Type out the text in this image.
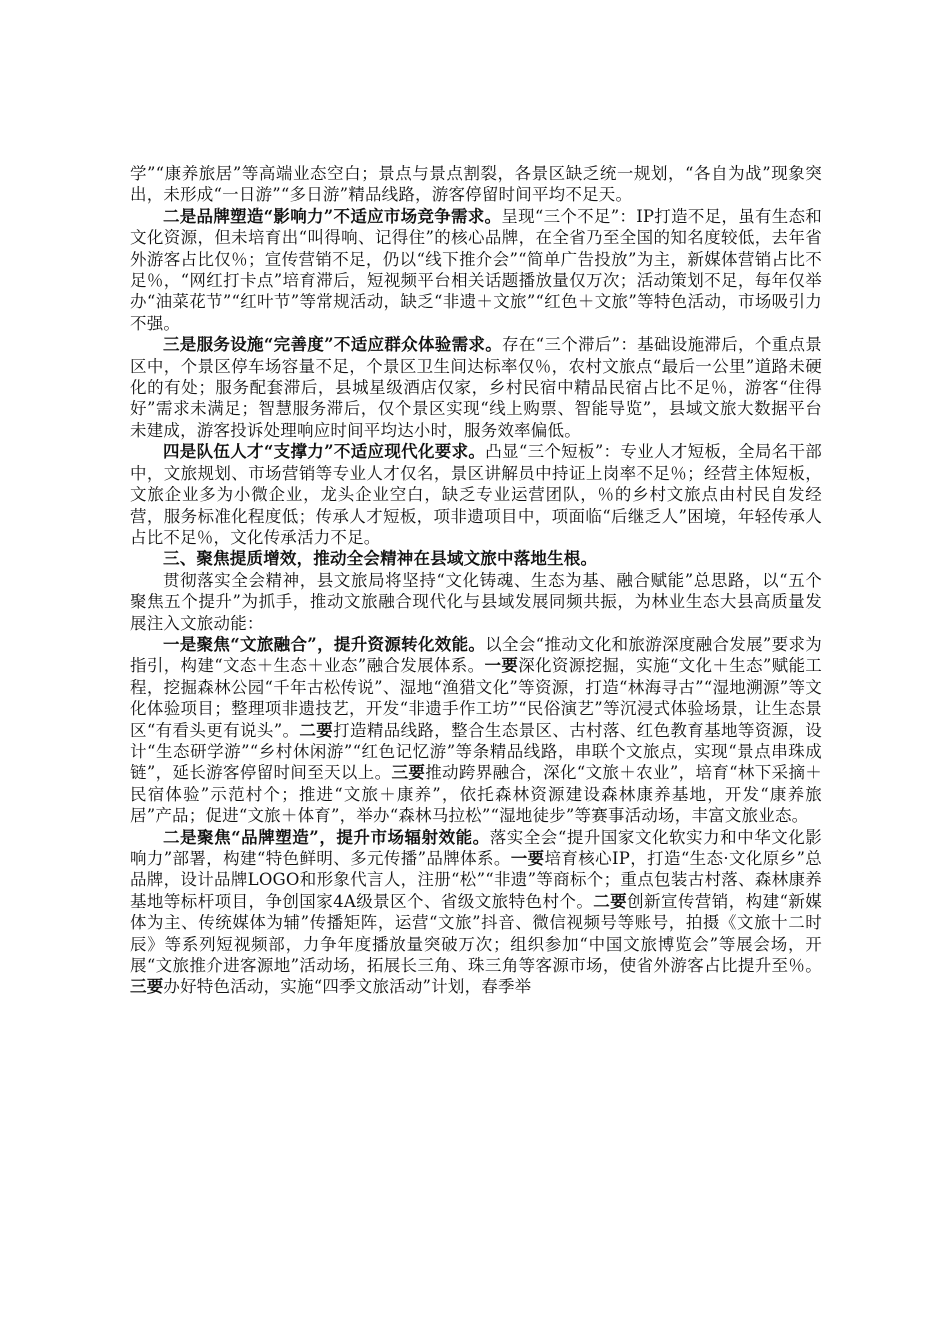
学”“康养旅居”等高端业态空白；景点与景点割裂，各景区缺乏统一规划，“各自为战”现象突出，未形成“一日游”“多日游”精品线路，游客停留时间平均不足天。

二是品牌塑造“影响力”不适应市场竞争需求。呈现“三个不足”：IP打造不足，虽有生态和文化资源，但未培育出“叫得响、记得住”的核心品牌，在全省乃至全国的知名度较低，去年省外游客占比仅％；宣传营销不足，仍以“线下推介会”“简单广告投放”为主，新媒体营销占比不足％，“网红打卡点”培育滞后，短视频平台相关话题播放量仅万次；活动策划不足，每年仅举办“油菜花节”“红叶节”等常规活动，缺乏“非遗＋文旅”“红色＋文旅”等特色活动，市场吸引力不强。

三是服务设施“完善度”不适应群众体验需求。存在“三个滞后”：基础设施滞后，个重点景区中，个景区停车场容量不足，个景区卫生间达标率仅％，农村文旅点“最后一公里”道路未硬化的有处；服务配套滞后，县城星级酒店仅家，乡村民宿中精品民宿占比不足％，游客“住得好”需求未满足；智慧服务滞后，仅个景区实现“线上购票、智能导览”，县域文旅大数据平台未建成，游客投诉处理响应时间平均达小时，服务效率偏低。

四是队伍人才“支撑力”不适应现代化要求。凸显“三个短板”：专业人才短板，全局名干部中，文旅规划、市场营销等专业人才仅名，景区讲解员中持证上岗率不足％；经营主体短板，文旅企业多为小微企业，龙头企业空白，缺乏专业运营团队，％的乡村文旅点由村民自发经营，服务标准化程度低；传承人才短板，项非遗项目中，项面临“后继乏人”困境，年轻传承人占比不足％，文化传承活力不足。

三、聚焦提质增效，推动全会精神在县域文旅中落地生根。

贯彻落实全会精神，县文旅局将坚持“文化铸魂、生态为基、融合赋能”总思路，以“五个聚焦五个提升”为抓手，推动文旅融合现代化与县域发展同频共振，为林业生态大县高质量发展注入文旅动能：

一是聚焦“文旅融合”，提升资源转化效能。以全会“推动文化和旅游深度融合发展”要求为指引，构建“文态＋生态＋业态”融合发展体系。一要深化资源挖掘，实施“文化＋生态”赋能工程，挖掘森林公园“千年古松传说”、湿地“渔猎文化”等资源，打造“林海寻古”“湿地溯源”等文化体验项目；整理项非遗技艺，开发“非遗手作工坊”“民俗演艺”等沉浸式体验场景，让生态景区“有看头更有说头”。二要打造精品线路，整合生态景区、古村落、红色教育基地等资源，设计“生态研学游”“乡村休闲游”“红色记忆游”等条精品线路，串联个文旅点，实现“景点串珠成链”，延长游客停留时间至天以上。三要推动跨界融合，深化“文旅＋农业”，培育“林下采摘＋民宿体验”示范村个；推进“文旅＋康养”，依托森林资源建设森林康养基地，开发“康养旅居”产品；促进“文旅＋体育”，举办“森林马拉松”“湿地徒步”等赛事活动场，丰富文旅业态。

二是聚焦“品牌塑造”，提升市场辐射效能。落实全会“提升国家文化软实力和中华文化影响力”部署，构建“特色鲜明、多元传播”品牌体系。一要培育核心IP，打造“生态·文化原乡”总品牌，设计品牌LOGO和形象代言人，注册“松”“非遗”等商标个；重点包装古村落、森林康养基地等标杆项目，争创国家4A级景区个、省级文旅特色村个。二要创新宣传营销，构建“新媒体为主、传统媒体为辅”传播矩阵，运营“文旅”抖音、微信视频号等账号，拍摄《文旅十二时辰》等系列短视频部，力争年度播放量突破万次；组织参加“中国文旅博览会”等展会场，开展“文旅推介进客源地”活动场，拓展长三角、珠三角等客源市场，使省外游客占比提升至％。三要办好特色活动，实施“四季文旅活动”计划，春季举
